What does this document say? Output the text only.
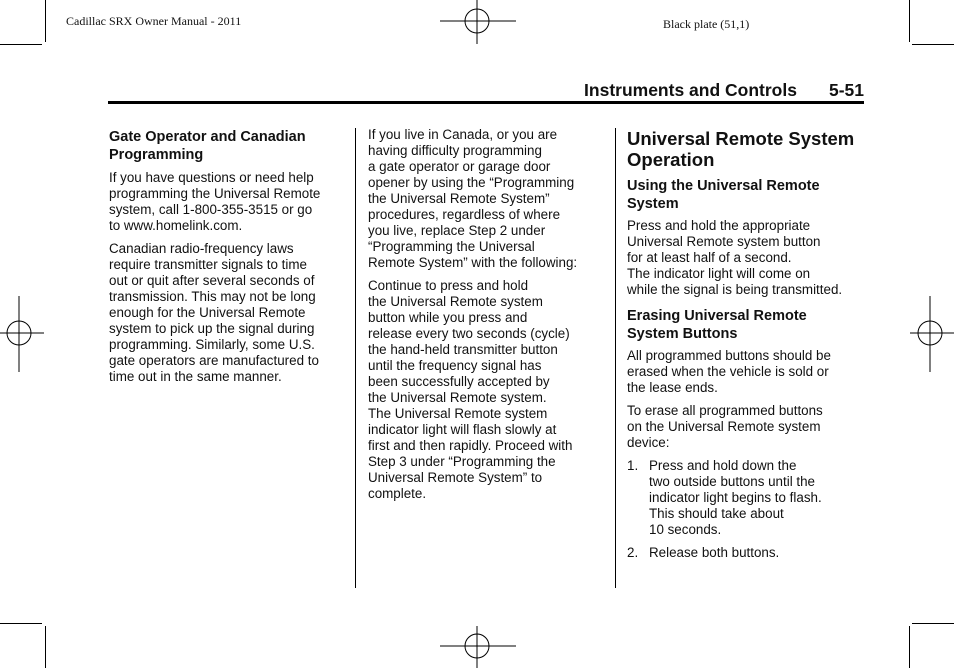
Cadillac SRX Owner Manual - 2011	Black plate (51,1)
Instruments and Controls 5-51
Gate Operator and Canadian
Programming

If you have questions or need help
programming the Universal Remote
system, call 1-800-355-3515 or go
to www.homelink.com.

Canadian radio-frequency laws
require transmitter signals to time
out or quit after several seconds of
transmission. This may not be long
enough for the Universal Remote
system to pick up the signal during
programming. Similarly, some U.S.
gate operators are manufactured to
time out in the same manner.

If you live in Canada, or you are
having difficulty programming
a gate operator or garage door
opener by using the “Programming
the Universal Remote System”
procedures, regardless of where
you live, replace Step 2 under
“Programming the Universal
Remote System” with the following:

Continue to press and hold
the Universal Remote system
button while you press and
release every two seconds (cycle)
the hand-held transmitter button
until the frequency signal has
been successfully accepted by
the Universal Remote system.
The Universal Remote system
indicator light will flash slowly at
first and then rapidly. Proceed with
Step 3 under “Programming the
Universal Remote System” to
complete.

Universal Remote System
Operation
Using the Universal Remote
System

Press and hold the appropriate
Universal Remote system button
for at least half of a second.
The indicator light will come on
while the signal is being transmitted.

Erasing Universal Remote
System Buttons

All programmed buttons should be
erased when the vehicle is sold or
the lease ends.

To erase all programmed buttons
on the Universal Remote system
device:

1. Press and hold down the
two outside buttons until the
indicator light begins to flash.
This should take about
10 seconds.
2. Release both buttons.
